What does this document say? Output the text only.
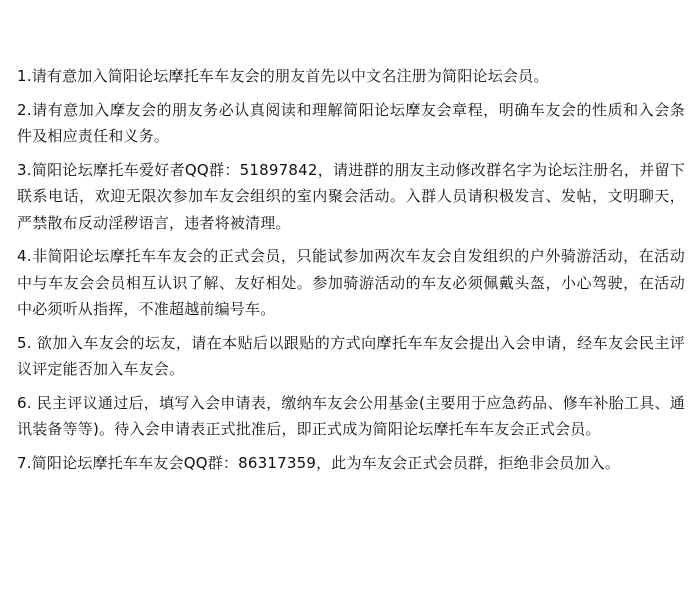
1.请有意加入简阳论坛摩托车车友会的朋友首先以中文名注册为简阳论坛会员。

2.请有意加入摩友会的朋友务必认真阅读和理解简阳论坛摩友会章程，明确车友会的性质和入会条件及相应责任和义务。

3.简阳论坛摩托车爱好者QQ群：51897842，请进群的朋友主动修改群名字为论坛注册名，并留下联系电话，欢迎无限次参加车友会组织的室内聚会活动。入群人员请积极发言、发帖，文明聊天，严禁散布反动淫秽语言，违者将被清理。

4.非简阳论坛摩托车车友会的正式会员，只能试参加两次车友会自发组织的户外骑游活动，在活动中与车友会会员相互认识了解、友好相处。参加骑游活动的车友必须佩戴头盔，小心驾驶，在活动中必须听从指挥，不准超越前编号车。

5. 欲加入车友会的坛友，请在本贴后以跟贴的方式向摩托车车友会提出入会申请，经车友会民主评议评定能否加入车友会。

6. 民主评议通过后，填写入会申请表，缴纳车友会公用基金(主要用于应急药品、修车补胎工具、通讯装备等等)。待入会申请表正式批准后，即正式成为简阳论坛摩托车车友会正式会员。

7.简阳论坛摩托车车友会QQ群：86317359，此为车友会正式会员群，拒绝非会员加入。
